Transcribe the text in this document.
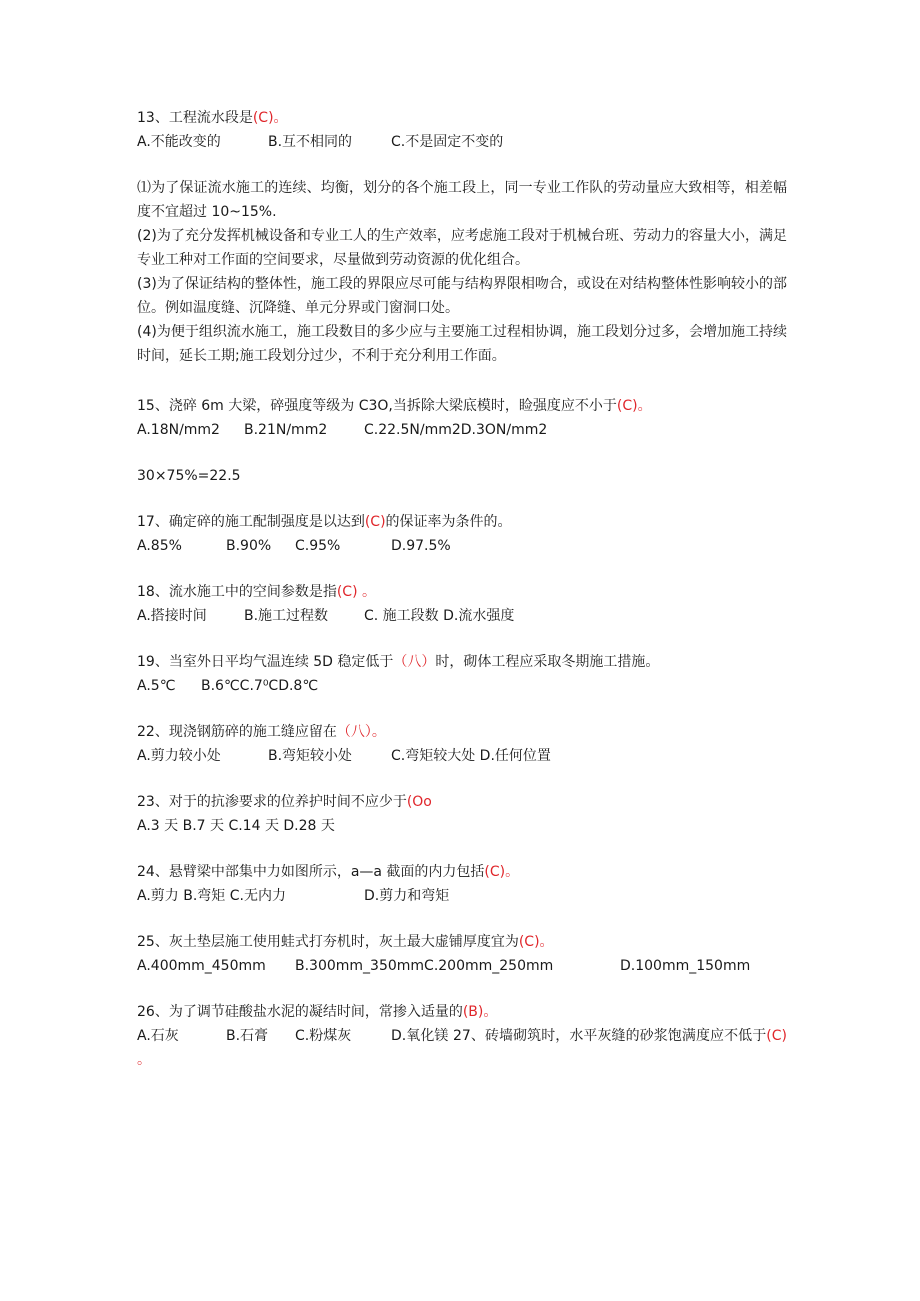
13、工程流水段是(C)。
A.不能改变的	B.互不相同的	C.不是固定不变的
⑴为了保证流水施工的连续、均衡，划分的各个施工段上，同一专业工作队的劳动量应大致相等，相差幅度不宜超过 10~15%.
(2)为了充分发挥机械设备和专业工人的生产效率，应考虑施工段对于机械台班、劳动力的容量大小，满足专业工种对工作面的空间要求，尽量做到劳动资源的优化组合。
(3)为了保证结构的整体性，施工段的界限应尽可能与结构界限相吻合，或设在对结构整体性影响较小的部位。例如温度缝、沉降缝、单元分界或门窗洞口处。
(4)为便于组织流水施工，施工段数目的多少应与主要施工过程相协调，施工段划分过多，会增加施工持续时间，延长工期;施工段划分过少，不利于充分利用工作面。
15、浇碎 6m 大梁，碎强度等级为 C3O,当拆除大梁底模时，睑强度应不小于(C)。
A.18N∕mm2 B.21N∕mm2	C.22.5N∕mm2D.3ON∕mm2
30×75%=22.5
17、确定碎的施工配制强度是以达到(C)的保证率为条件的。
A.85%	B.90% C.95%	D.97.5%
18、流水施工中的空间参数是指(C) 。
A.搭接时间	B.施工过程数	C. 施工段数 D.流水强度
19、当室外日平均气温连续 5D 稳定低于（八）时，砌体工程应采取冬期施工措施。
A.5℃ B.6℃C.7⁰CD.8℃
22、现浇钢筋碎的施工缝应留在（八）。
A.剪力较小处	B.弯矩较小处	C.弯矩较大处 D.任何位置
23、对于的抗渗要求的位养护时间不应少于(Oo
A.3 天 B.7 天 C.14 天 D.28 天
24、悬臂梁中部集中力如图所示，a—a 截面的内力包括(C)。
A.剪力 B.弯矩 C.无内力	D.剪力和弯矩
25、灰土垫层施工使用蛙式打夯机时，灰土最大虚铺厚度宜为(C)。
A.400mm_450mm B.300mm_350mmC.200mm_250mm	D.100mm_150mm
26、为了调节硅酸盐水泥的凝结时间，常掺入适量的(B)。
A.石灰	B.石膏 C.粉煤灰	D.氧化镁 27、砖墙砌筑时，水平灰缝的砂浆饱满度应不低于(C) 。
